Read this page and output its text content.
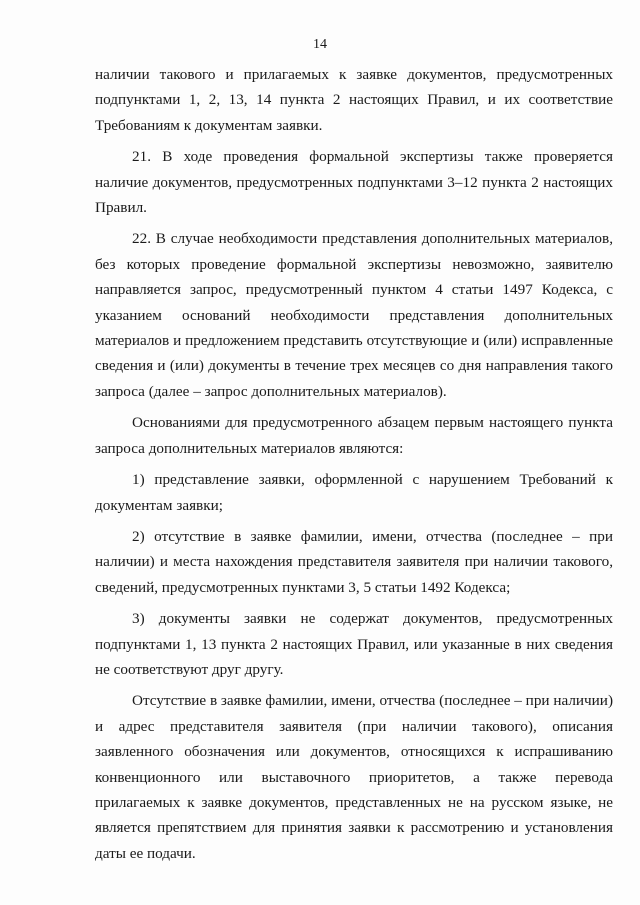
14

наличии такового и прилагаемых к заявке документов, предусмотренных подпунктами 1, 2, 13, 14 пункта 2 настоящих Правил, и их соответствие Требованиям к документам заявки.

21. В ходе проведения формальной экспертизы также проверяется наличие документов, предусмотренных подпунктами 3–12 пункта 2 настоящих Правил.

22. В случае необходимости представления дополнительных материалов, без которых проведение формальной экспертизы невозможно, заявителю направляется запрос, предусмотренный пунктом 4 статьи 1497 Кодекса, с указанием оснований необходимости представления дополнительных материалов и предложением представить отсутствующие и (или) исправленные сведения и (или) документы в течение трех месяцев со дня направления такого запроса (далее – запрос дополнительных материалов).

Основаниями для предусмотренного абзацем первым настоящего пункта запроса дополнительных материалов являются:

1) представление заявки, оформленной с нарушением Требований к документам заявки;

2) отсутствие в заявке фамилии, имени, отчества (последнее – при наличии) и места нахождения представителя заявителя при наличии такового, сведений, предусмотренных пунктами 3, 5 статьи 1492 Кодекса;

3) документы заявки не содержат документов, предусмотренных подпунктами 1, 13 пункта 2 настоящих Правил, или указанные в них сведения не соответствуют друг другу.

Отсутствие в заявке фамилии, имени, отчества (последнее – при наличии) и адрес представителя заявителя (при наличии такового), описания заявленного обозначения или документов, относящихся к испрашиванию конвенционного или выставочного приоритетов, а также перевода прилагаемых к заявке документов, представленных не на русском языке, не является препятствием для принятия заявки к рассмотрению и установления даты ее подачи.
